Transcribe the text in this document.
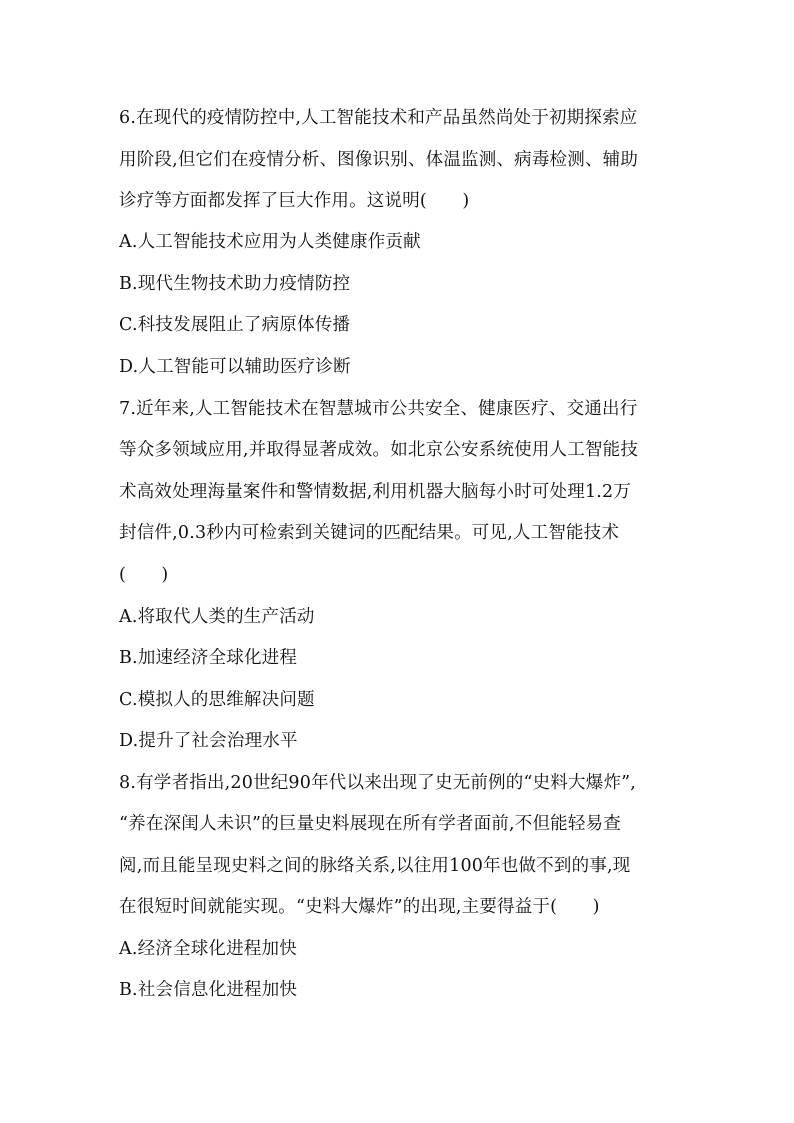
6.在现代的疫情防控中,人工智能技术和产品虽然尚处于初期探索应
用阶段,但它们在疫情分析、图像识别、体温监测、病毒检测、辅助
诊疗等方面都发挥了巨大作用。这说明(　　)
A.人工智能技术应用为人类健康作贡献
B.现代生物技术助力疫情防控
C.科技发展阻止了病原体传播
D.人工智能可以辅助医疗诊断
7.近年来,人工智能技术在智慧城市公共安全、健康医疗、交通出行
等众多领域应用,并取得显著成效。如北京公安系统使用人工智能技
术高效处理海量案件和警情数据,利用机器大脑每小时可处理1.2万
封信件,0.3秒内可检索到关键词的匹配结果。可见,人工智能技术
(　　)
A.将取代人类的生产活动
B.加速经济全球化进程
C.模拟人的思维解决问题
D.提升了社会治理水平
8.有学者指出,20世纪90年代以来出现了史无前例的“史料大爆炸”,
“养在深闺人未识”的巨量史料展现在所有学者面前,不但能轻易查
阅,而且能呈现史料之间的脉络关系,以往用100年也做不到的事,现
在很短时间就能实现。“史料大爆炸”的出现,主要得益于(　　)
A.经济全球化进程加快
B.社会信息化进程加快
